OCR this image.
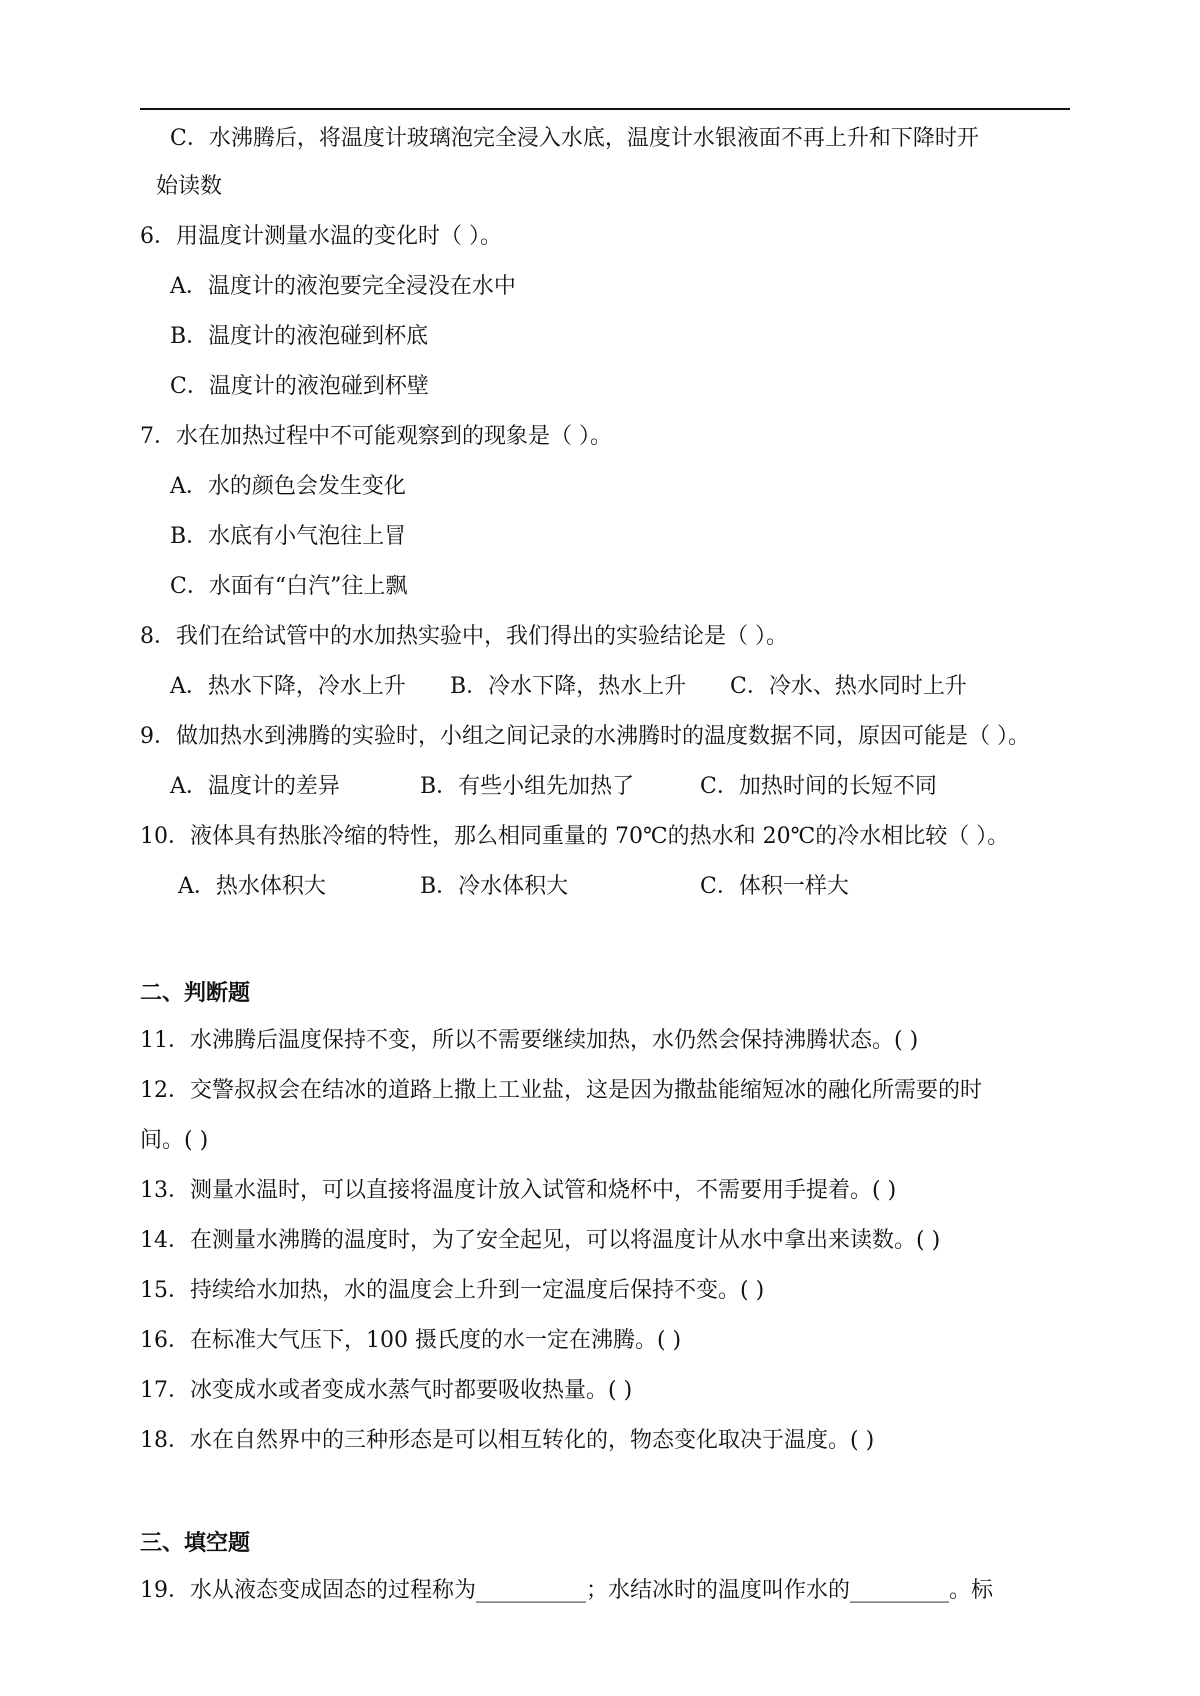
C．水沸腾后，将温度计玻璃泡完全浸入水底，温度计水银液面不再上升和下降时开
始读数
6．用温度计测量水温的变化时（ ）。
A．温度计的液泡要完全浸没在水中
B．温度计的液泡碰到杯底
C．温度计的液泡碰到杯壁
7．水在加热过程中不可能观察到的现象是（ ）。
A．水的颜色会发生变化
B．水底有小气泡往上冒
C．水面有“白汽”往上飘
8．我们在给试管中的水加热实验中，我们得出的实验结论是（ ）。
A．热水下降，冷水上升 B．冷水下降，热水上升 C．冷水、热水同时上升
9．做加热水到沸腾的实验时，小组之间记录的水沸腾时的温度数据不同，原因可能是（ ）。
A．温度计的差异	B．有些小组先加热了	C．加热时间的长短不同
10．液体具有热胀冷缩的特性，那么相同重量的 70℃的热水和 20℃的冷水相比较（ ）。
A．热水体积大	B．冷水体积大	C．体积一样大
二、判断题
11．水沸腾后温度保持不变，所以不需要继续加热，水仍然会保持沸腾状态。( )
12．交警叔叔会在结冰的道路上撒上工业盐，这是因为撒盐能缩短冰的融化所需要的时
间。( )
13．测量水温时，可以直接将温度计放入试管和烧杯中，不需要用手提着。( )
14．在测量水沸腾的温度时，为了安全起见，可以将温度计从水中拿出来读数。( )
15．持续给水加热，水的温度会上升到一定温度后保持不变。( )
16．在标准大气压下，100 摄氏度的水一定在沸腾。( )
17．冰变成水或者变成水蒸气时都要吸收热量。( )
18．水在自然界中的三种形态是可以相互转化的，物态变化取决于温度。( )
三、填空题
19．水从液态变成固态的过程称为__________；水结冰时的温度叫作水的_________。标
